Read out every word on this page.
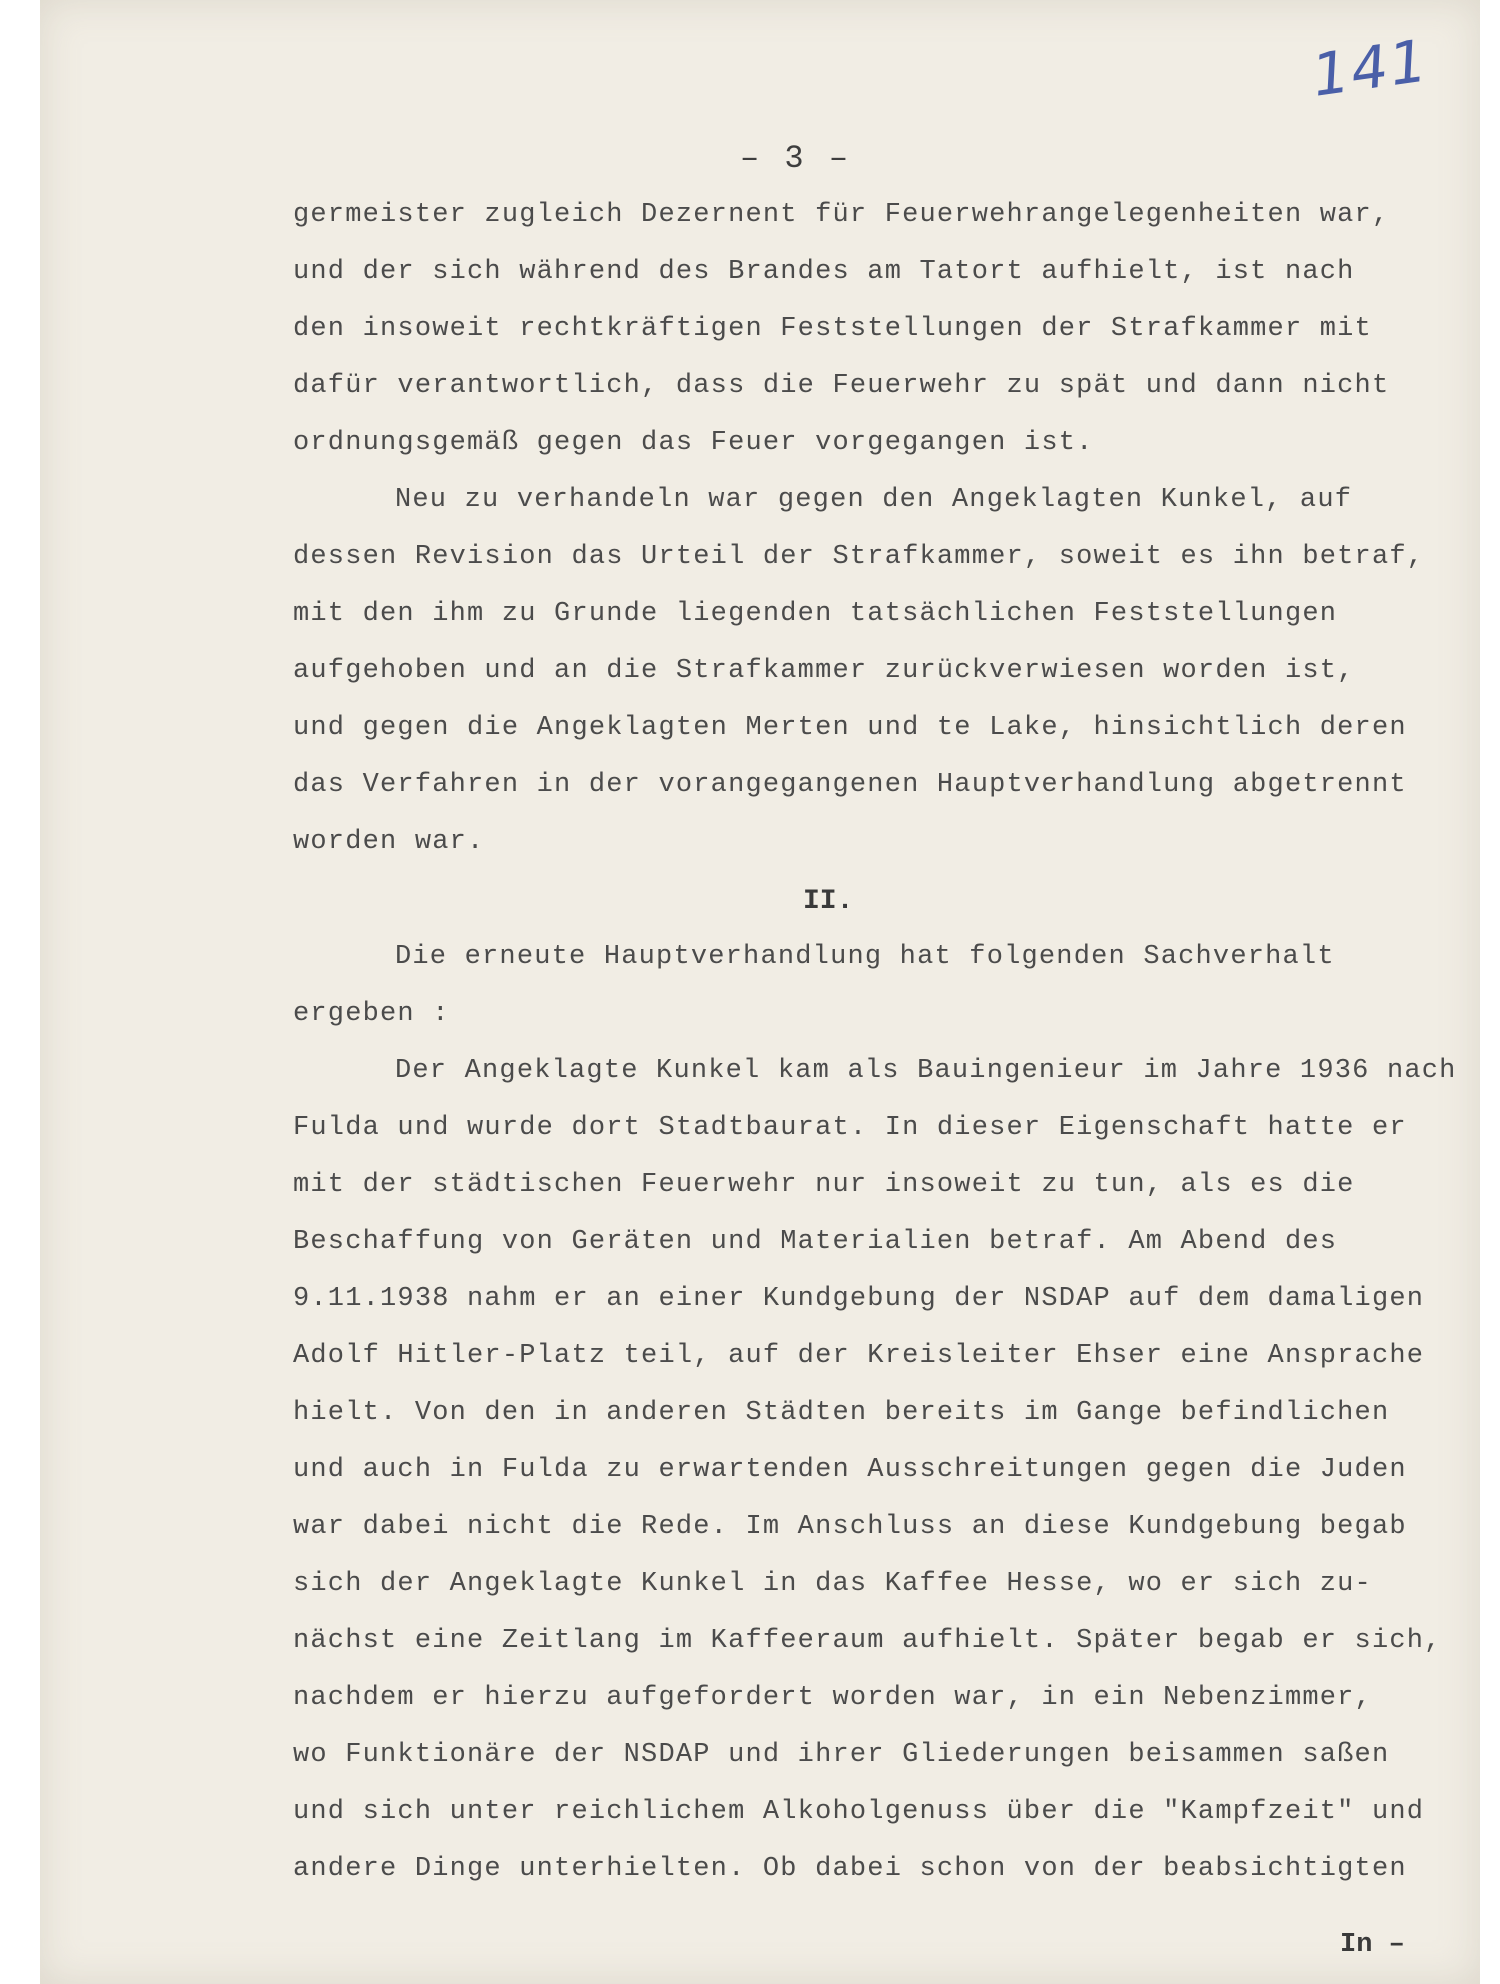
141
– 3 –
germeister zugleich Dezernent für Feuerwehrangelegenheiten war,
und der sich während des Brandes am Tatort aufhielt, ist nach
den insoweit rechtkräftigen Feststellungen der Strafkammer mit
dafür verantwortlich, dass die Feuerwehr zu spät und dann nicht
ordnungsgemäß gegen das Feuer vorgegangen ist.
Neu zu verhandeln war gegen den Angeklagten Kunkel, auf
dessen Revision das Urteil der Strafkammer, soweit es ihn betraf,
mit den ihm zu Grunde liegenden tatsächlichen Feststellungen
aufgehoben und an die Strafkammer zurückverwiesen worden ist,
und gegen die Angeklagten Merten und te Lake, hinsichtlich deren
das Verfahren in der vorangegangenen Hauptverhandlung abgetrennt
worden war.
II.
Die erneute Hauptverhandlung hat folgenden Sachverhalt
ergeben :
Der Angeklagte Kunkel kam als Bauingenieur im Jahre 1936 nach
Fulda und wurde dort Stadtbaurat. In dieser Eigenschaft hatte er
mit der städtischen Feuerwehr nur insoweit zu tun, als es die
Beschaffung von Geräten und Materialien betraf. Am Abend des
9.11.1938 nahm er an einer Kundgebung der NSDAP auf dem damaligen
Adolf Hitler-Platz teil, auf der Kreisleiter Ehser eine Ansprache
hielt. Von den in anderen Städten bereits im Gange befindlichen
und auch in Fulda zu erwartenden Ausschreitungen gegen die Juden
war dabei nicht die Rede. Im Anschluss an diese Kundgebung begab
sich der Angeklagte Kunkel in das Kaffee Hesse, wo er sich zu-
nächst eine Zeitlang im Kaffeeraum aufhielt. Später begab er sich,
nachdem er hierzu aufgefordert worden war, in ein Nebenzimmer,
wo Funktionäre der NSDAP und ihrer Gliederungen beisammen saßen
und sich unter reichlichem Alkoholgenuss über die "Kampfzeit" und
andere Dinge unterhielten. Ob dabei schon von der beabsichtigten
In –
